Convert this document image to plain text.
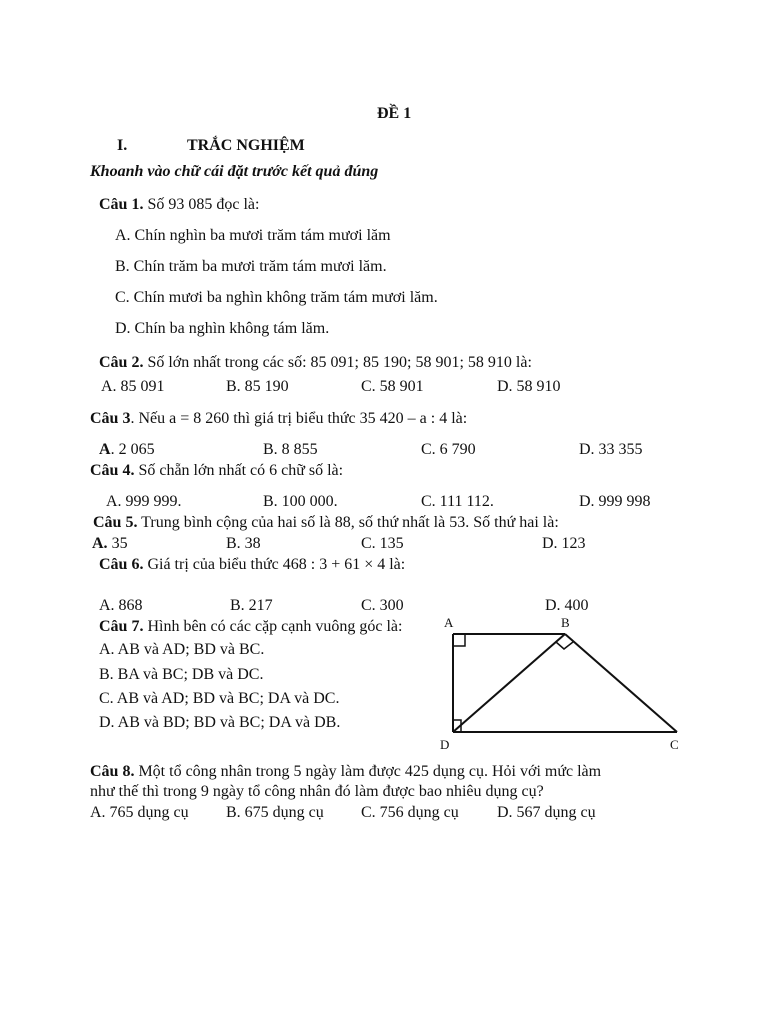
ĐỀ 1
I.	TRẮC NGHIỆM
Khoanh vào chữ cái đặt trước kết quả đúng
Câu 1. Số 93 085 đọc là:
A. Chín nghìn ba mươi trăm tám mươi lăm
B. Chín trăm ba mươi trăm tám mươi lăm.
C. Chín mươi ba nghìn không trăm tám mươi lăm.
D. Chín ba nghìn không tám lăm.
Câu 2. Số lớn nhất trong các số: 85 091; 85 190; 58 901; 58 910 là:
A. 85 091	B. 85 190	C. 58 901	D. 58 910
Câu 3. Nếu a = 8 260 thì giá trị biểu thức 35 420 – a : 4 là:
A. 2 065	B. 8 855	C. 6 790	D. 33 355
Câu 4. Số chẵn lớn nhất có 6 chữ số là:
A. 999 999.	B. 100 000.	C. 111 112.	D. 999 998
Câu 5. Trung bình cộng của hai số là 88, số thứ nhất là 53. Số thứ hai là:
A. 35	B. 38	C. 135	D. 123
Câu 6. Giá trị của biểu thức 468 : 3 + 61 × 4 là:
A. 868	B. 217	C. 300	D. 400
Câu 7. Hình bên có các cặp cạnh vuông góc là:
A. AB và AD; BD và BC.
B. BA và BC; DB và DC.
C. AB và AD; BD và BC; DA và DC.
D. AB và BD; BD và BC; DA và DB.
A	B
C
D
Câu 8. Một tổ công nhân trong 5 ngày làm được 425 dụng cụ. Hỏi với mức làm
như thế thì trong 9 ngày tổ công nhân đó làm được bao nhiêu dụng cụ?
A. 765 dụng cụ B. 675 dụng cụ C. 756 dụng cụ D. 567 dụng cụ
